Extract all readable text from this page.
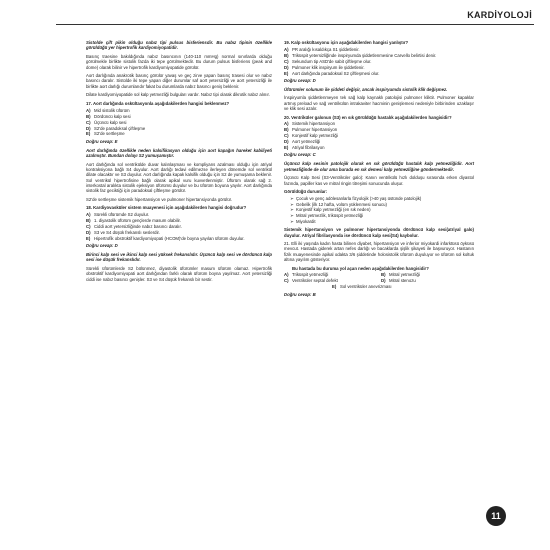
KARDİYOLOJİ

Sistolde çift pikin olduğu nabız tipi pulsus bisferiensdir. Bu nabız tipinin özellikle görüldüğü yer hipertrofik kardiyomiyopatidir.

Basınç traesine bakıldığında nabız basıncının (140-110 mmHg) normal sınırlarda olduğu görülmekle birlikte sistolik fazda iki tepe görülmektedir. Bu durum pulsus bisferiens (peak and dome) olarak bilinir ve hipertrofik kardiyomiyopatide görülür.

Aort darlığında anakrotik basınç görülür yavaş ve geç zirve yapan basınç trasesi olur ve nabız basıncı daralır. Sistolde iki tepe yapan diğer durumlar saf aort yetersizliği ve aort yetersizliği ile birlikte aort darlığı durumlarıdır fakat bu durumlarda nabız basıncı geniş beklenir.

Dilate kardiyomiyopatide sol kalp yetmezliği bulguları vardır. Nabız tipi olarak dikrotik nabız alınır.

17. Aort darlığında oskültasyonla aşağıdakilerden hangisi beklenmez?

A) Mid sistolik üfürüm
B) Dördüncü kalp sesi
C) Üçüncü kalp sesi
D) S2'de paradoksal çiftleşme
E) S2'de sertleşme

Doğru cevap: E

Aort darlığında özellikle neden kalsifikasyon olduğu için aort kapağın hareket kabiliyeti azalmıştır. Bundan dolayı S2 yumuşamıştır.

Aort darlığında sol ventrikülde duvar kalınlaşması ve kompliyans azalması olduğu için atriyal kontraksiyona bağlı S4 duyulur. Aort darlığı tedavi edilmezse ilerleyen dönemde sol ventrikül dilate olacaktır ve S3 duyulur. Aort darlığında kapak kalsifik olduğu için S2 de yumuşama beklenir. Sol ventrikül hipertrofisine bağlı olarak apikal vuru kuvvetlenmiştir. Üfürüm olarak sağ 2. interkostal aralıkta sistolik ejeksiyon üfürümü duyulur ve bu üfürüm boyuna yayılır. Aort darlığında sistolik faz geciktiği için paradoksal çiftleşme görülür.

S2'de sertleşme sistemik hipertansiyon ve pulmoner hipertansiyonda görülür.

18. Kardiyovasküler sistem muayenesi için aşağıdakilerden hangisi doğrudur?

A) Sürekli üfürümde S2 duyulur.
B) 1. diyastolik üfürüm gençlerde masum olabilir.
C) Ciddi aort yetersizliğinde nabız basıncı daralır.
D) S3 ve S4 düşük frekanslı seslerdir.
E) Hipertrofik obstrüktif kardiyomiyopati (HCOM)'de boyna yayılan üfürüm duyulur.

Doğru cevap: D

Birinci kalp sesi ve ikinci kalp sesi yüksek frekanslıdır. Üçüncü kalp sesi ve dördüncü kalp sesi ise düşük frekanslıdır.

Sürekli üfürümlerde S2 bölünmez, diyastolik üfürümler masum üfürüm olamaz. Hipertrofik obstrüktif kardiyomiyopati aort darlığından farklı olarak üfürüm boyna yayılmaz. Aort yetersizliği ciddi ise nabız basıncı genişler. S3 ve S4 düşük frekanslı bir sestir.

19. Kalp oskültasyonu için aşağıdakilerden hangisi yanlıştır?

A) PR aralığı kısaldıkça S1 şiddetlenir.
B) Triküspit yetersizliğinde inspiryumda şiddetlenmesine Carvello belirtisi denir.
C) Sekundum tip ASD'de sabit çiftleşme olur.
D) Pulmoner klik inspiryum ile şiddetlenir.
E) Aort darlığında paradoksal S2 çiftleşmesi olur.

Doğru cevap: D

Üfürümler solunum ile şiddeti değişir, ancak inspiryumda sistolik klik değişmez.

İnspiryumla şiddetlenmeyen tek sağ kalp kaynaklı patolojisi pulmoner kliktir. Pulmoner kapaklar artmış preload ve sağ ventrikülün intrakaviter hacminin genişlemesi nedeniyle birbirinden uzaklaşır ve klik sesi azalır.

20. Ventriküler galonun (S3) en sık görüldüğü hastalık aşağıdakilerden hangisidir?

A) Sistemik hipertansiyon
B) Pulmoner hipertansiyon
C) Konjestif kalp yetmezliği
D) Aort yetmezliği
E) Atriyal fibrilasyon

Doğru cevap: C

Üçüncü kalp sesinin patolojik olarak en sık görüldüğü hastalık kalp yetmezliğidir. Aort yetmezliğinde de olur ama burada en sık demesi kalp yetmezliğine göndermektedir.

Üçüncü Kalp Sesi (S3-Ventriküler galo): Kanın ventrikülü hızlı dolduşu sırasında erken diyastol fazında, papiller kas ve mitral ringin titreşimi sonucunda oluşur.

Görüldüğü durumlar:

➢ Çocuk ve genç adölesanlarla fizyolojik (>40 yaş üstünde patolojik)
➢ Gebelik (ilk 12 hafta, volüm yüklenmesi sonucu)
➢ Konjestif kalp yetmezliği (en sık neden)
➢ Mitral yetmezlik, triküspit yetmezliği
➢ Miyokardit

Sistemik hipertansiyon ve pulmoner hipertansiyonda dördüncü kalp sesi(atriyal galo) duyulur. Atriyal fibrilasyonda ise dördüncü kalp sesi(S4) kaybolur.

21. Elli iki yaşında kadın hasta bilinen diyabet, hipertansiyon ve inferior miyokardi infarktüsü öyküsü mevcut. Hastada giderek artan nefes darlığı ve bacaklarda şişlik şikayeti ile başvuruyor. Hastanın fizik muayenesinde apikal odakta 3/6 şiddetinde holosistolik üfürüm duyuluyor ve üfürüm sol koltuk altına yayılım gösteriyor.

Bu hastada bu duruma yol açan neden aşağıdakilerden hangisidir?

A) Triküspit yetmezliği	B) Mitral yetmezliği
C) Ventriküler septal defekt	D) Mitral stenozu
E) Sol ventriküler anevrizması

Doğru cevap: B

11
